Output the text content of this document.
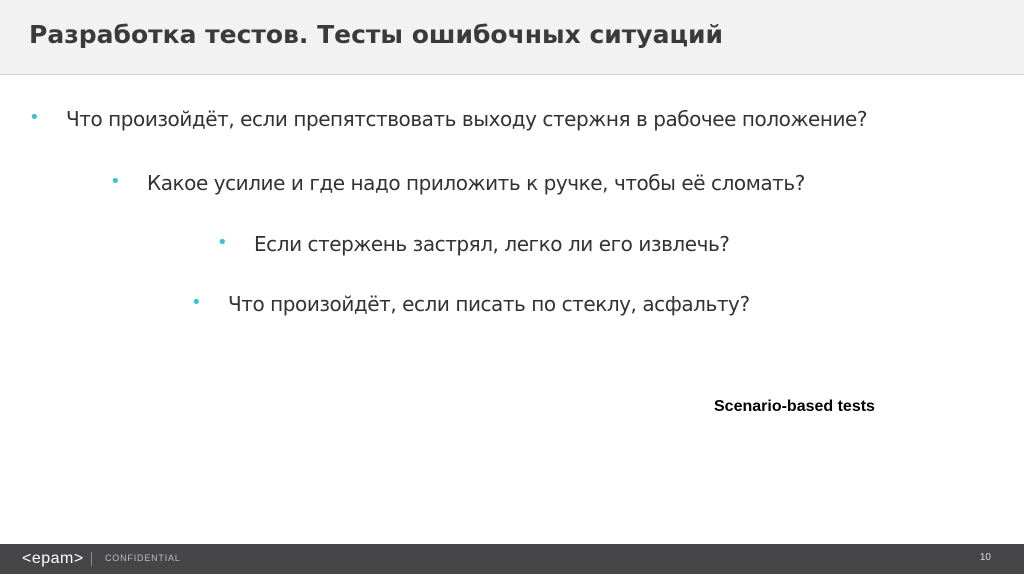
Разработка тестов. Тесты ошибочных ситуаций
• Что произойдёт, если препятствовать выходу стержня в рабочее положение?
• Какое усилие и где надо приложить к ручке, чтобы её сломать?
• Если стержень застрял, легко ли его извлечь?
• Что произойдёт, если писать по стеклу, асфальту?
Scenario-based tests
<epam> CONFIDENTIAL	10
